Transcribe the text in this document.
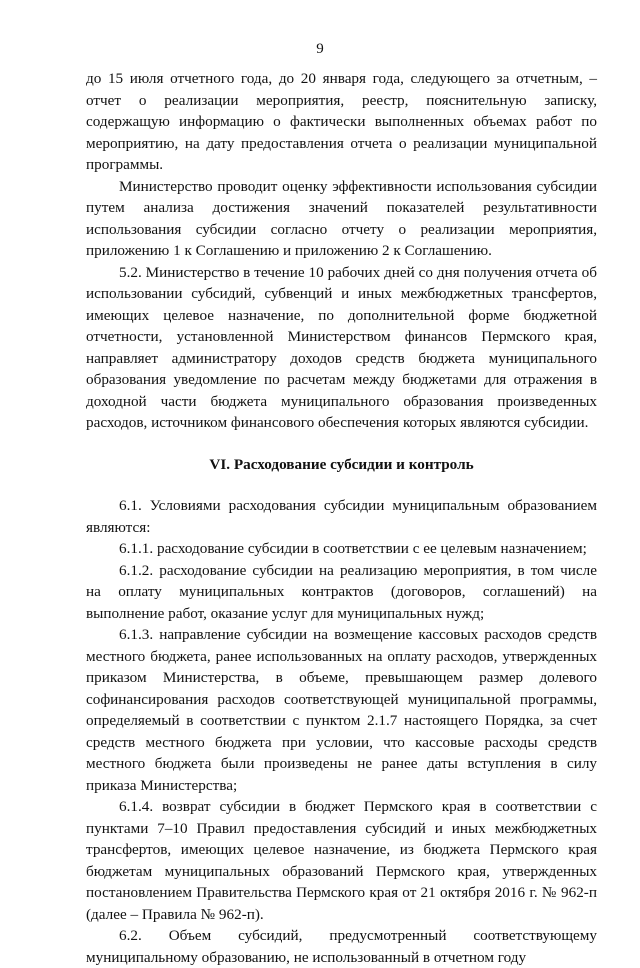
9

до 15 июля отчетного года, до 20 января года, следующего за отчетным, – отчет о реализации мероприятия, реестр, пояснительную записку, содержащую информацию о фактически выполненных объемах работ по мероприятию, на дату предоставления отчета о реализации муниципальной программы.

Министерство проводит оценку эффективности использования субсидии путем анализа достижения значений показателей результативности использования субсидии согласно отчету о реализации мероприятия, приложению 1 к Соглашению и приложению 2 к Соглашению.

5.2. Министерство в течение 10 рабочих дней со дня получения отчета об использовании субсидий, субвенций и иных межбюджетных трансфертов, имеющих целевое назначение, по дополнительной форме бюджетной отчетности, установленной Министерством финансов Пермского края, направляет администратору доходов средств бюджета муниципального образования уведомление по расчетам между бюджетами для отражения в доходной части бюджета муниципального образования произведенных расходов, источником финансового обеспечения которых являются субсидии.

VI. Расходование субсидии и контроль

6.1. Условиями расходования субсидии муниципальным образованием являются:

6.1.1. расходование субсидии в соответствии с ее целевым назначением;

6.1.2. расходование субсидии на реализацию мероприятия, в том числе на оплату муниципальных контрактов (договоров, соглашений) на выполнение работ, оказание услуг для муниципальных нужд;

6.1.3. направление субсидии на возмещение кассовых расходов средств местного бюджета, ранее использованных на оплату расходов, утвержденных приказом Министерства, в объеме, превышающем размер долевого софинансирования расходов соответствующей муниципальной программы, определяемый в соответствии с пунктом 2.1.7 настоящего Порядка, за счет средств местного бюджета при условии, что кассовые расходы средств местного бюджета были произведены не ранее даты вступления в силу приказа Министерства;

6.1.4. возврат субсидии в бюджет Пермского края в соответствии с пунктами 7–10 Правил предоставления субсидий и иных межбюджетных трансфертов, имеющих целевое назначение, из бюджета Пермского края бюджетам муниципальных образований Пермского края, утвержденных постановлением Правительства Пермского края от 21 октября 2016 г. № 962-п (далее – Правила № 962-п).

6.2. Объем субсидий, предусмотренный соответствующему муниципальному образованию, не использованный в отчетном году
